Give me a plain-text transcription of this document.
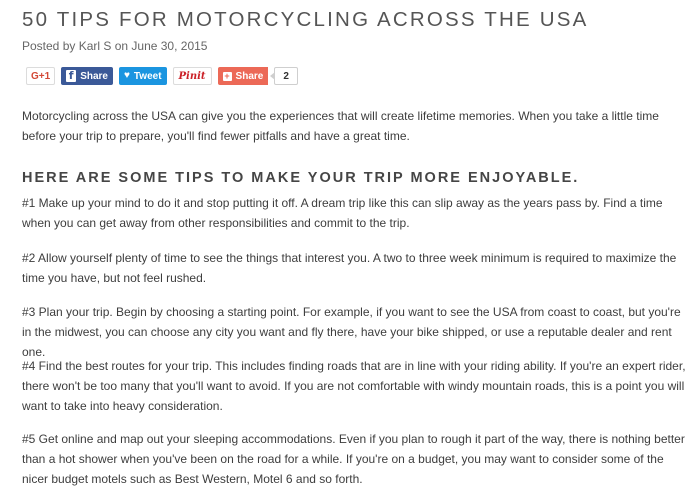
50 TIPS FOR MOTORCYCLING ACROSS THE USA
Posted by Karl S on June 30, 2015
G+1 f Share ♥ Tweet Pinit + Share	2

Motorcycling across the USA can give you the experiences that will create lifetime memories. When you take a little time before your trip to prepare, you'll find fewer pitfalls and have a great time.

HERE ARE SOME TIPS TO MAKE YOUR TRIP MORE ENJOYABLE.

#1 Make up your mind to do it and stop putting it off. A dream trip like this can slip away as the years pass by. Find a time when you can get away from other responsibilities and commit to the trip.

#2 Allow yourself plenty of time to see the things that interest you. A two to three week minimum is required to maximize the time you have, but not feel rushed.

#3 Plan your trip. Begin by choosing a starting point. For example, if you want to see the USA from coast to coast, but you're in the midwest, you can choose any city you want and fly there, have your bike shipped, or use a reputable dealer and rent one.

#4 Find the best routes for your trip. This includes finding roads that are in line with your riding ability. If you're an expert rider, there won't be too many that you'll want to avoid. If you are not comfortable with windy mountain roads, this is a point you will want to take into heavy consideration.

#5 Get online and map out your sleeping accommodations. Even if you plan to rough it part of the way, there is nothing better than a hot shower when you've been on the road for a while. If you're on a budget, you may want to consider some of the nicer budget motels such as Best Western, Motel 6 and so forth.
